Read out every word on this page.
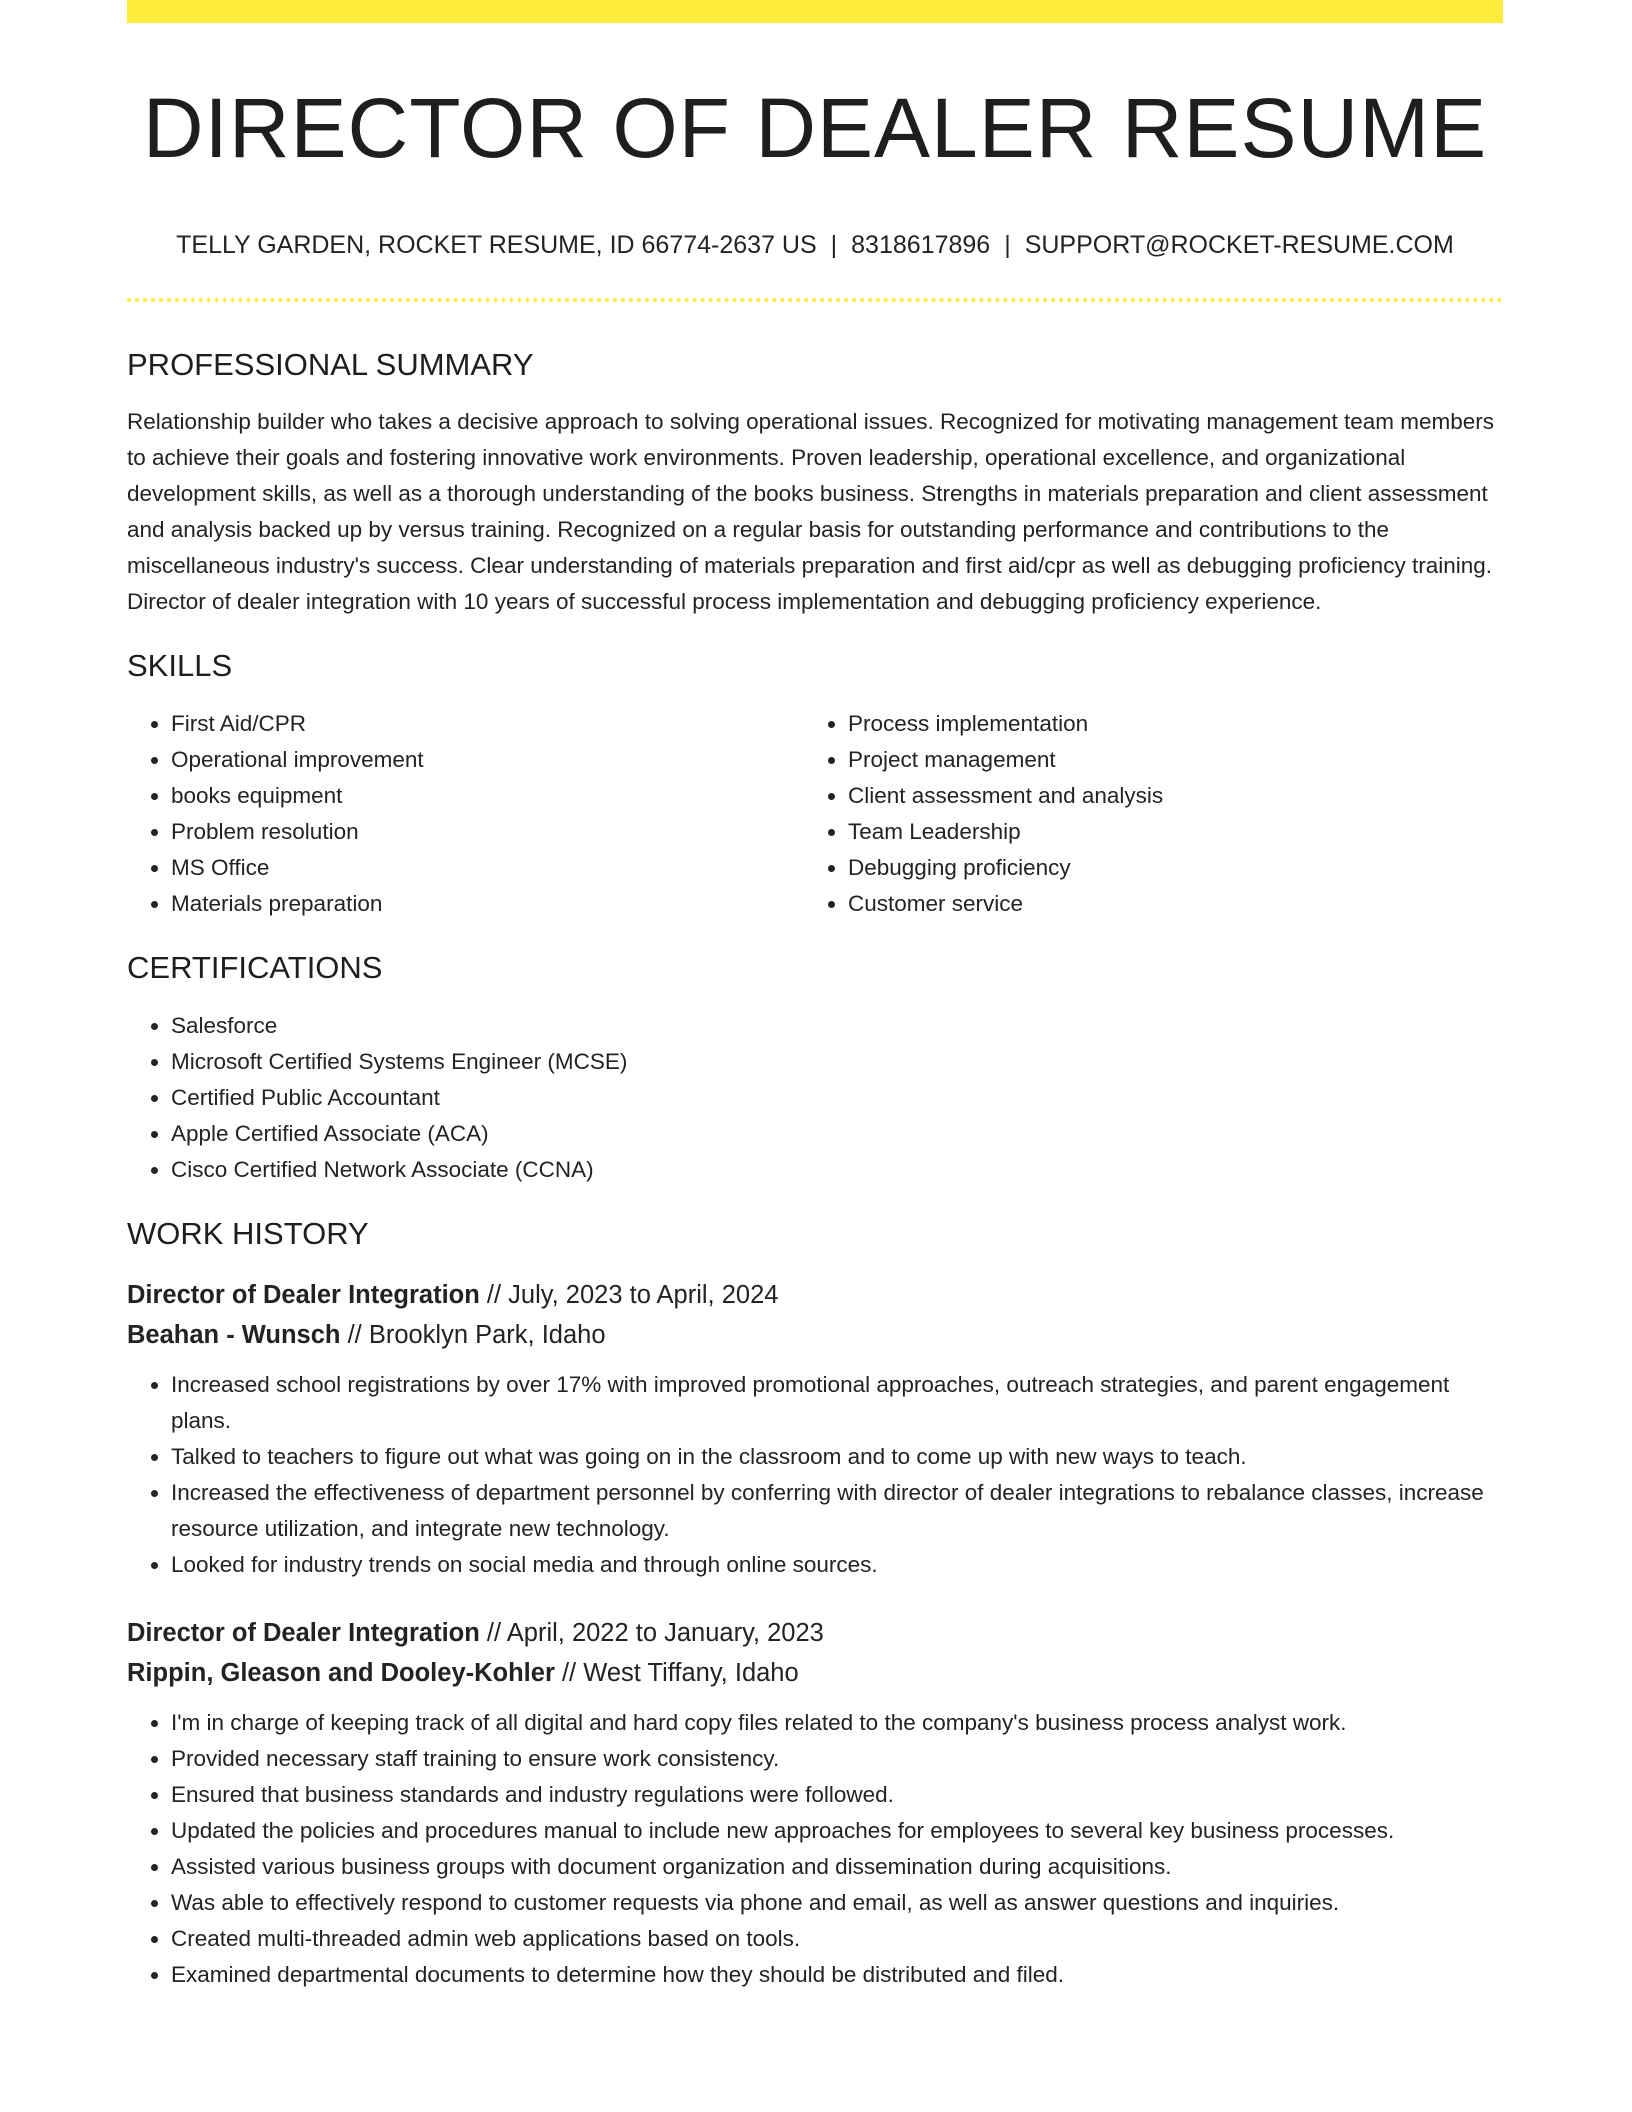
DIRECTOR OF DEALER RESUME
TELLY GARDEN, ROCKET RESUME, ID 66774-2637 US | 8318617896 | SUPPORT@ROCKET-RESUME.COM
PROFESSIONAL SUMMARY
Relationship builder who takes a decisive approach to solving operational issues. Recognized for motivating management team members to achieve their goals and fostering innovative work environments. Proven leadership, operational excellence, and organizational development skills, as well as a thorough understanding of the books business. Strengths in materials preparation and client assessment and analysis backed up by versus training. Recognized on a regular basis for outstanding performance and contributions to the miscellaneous industry's success. Clear understanding of materials preparation and first aid/cpr as well as debugging proficiency training. Director of dealer integration with 10 years of successful process implementation and debugging proficiency experience.
SKILLS
• First Aid/CPR
• Operational improvement
• books equipment
• Problem resolution
• MS Office
• Materials preparation
• Process implementation
• Project management
• Client assessment and analysis
• Team Leadership
• Debugging proficiency
• Customer service
CERTIFICATIONS
• Salesforce
• Microsoft Certified Systems Engineer (MCSE)
• Certified Public Accountant
• Apple Certified Associate (ACA)
• Cisco Certified Network Associate (CCNA)
WORK HISTORY
Director of Dealer Integration // July, 2023 to April, 2024
Beahan - Wunsch // Brooklyn Park, Idaho
• Increased school registrations by over 17% with improved promotional approaches, outreach strategies, and parent engagement plans.
• Talked to teachers to figure out what was going on in the classroom and to come up with new ways to teach.
• Increased the effectiveness of department personnel by conferring with director of dealer integrations to rebalance classes, increase resource utilization, and integrate new technology.
• Looked for industry trends on social media and through online sources.
Director of Dealer Integration // April, 2022 to January, 2023
Rippin, Gleason and Dooley-Kohler // West Tiffany, Idaho
• I'm in charge of keeping track of all digital and hard copy files related to the company's business process analyst work.
• Provided necessary staff training to ensure work consistency.
• Ensured that business standards and industry regulations were followed.
• Updated the policies and procedures manual to include new approaches for employees to several key business processes.
• Assisted various business groups with document organization and dissemination during acquisitions.
• Was able to effectively respond to customer requests via phone and email, as well as answer questions and inquiries.
• Created multi-threaded admin web applications based on tools.
• Examined departmental documents to determine how they should be distributed and filed.
